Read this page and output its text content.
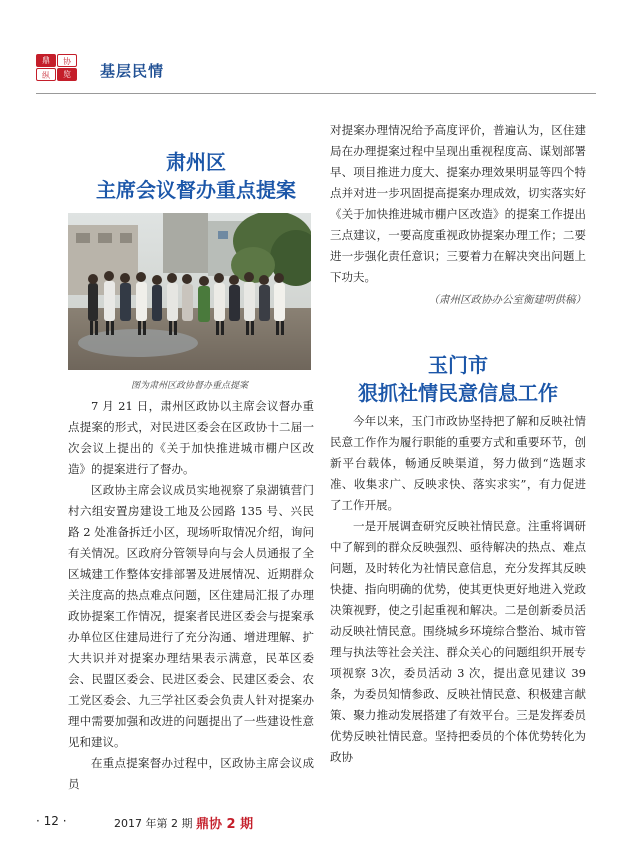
鼎	协
纵	览	基层民情
肃州区
主席会议督办重点提案
图为肃州区政协督办重点提案

7 月 21 日，肃州区政协以主席会议督办重点提案的形式，对民进区委会在区政协十二届一次会议上提出的《关于加快推进城市棚户区改造》的提案进行了督办。

区政协主席会议成员实地视察了泉湖镇营门村六组安置房建设工地及公园路 135 号、兴民路 2 处准备拆迁小区，现场听取情况介绍，询问有关情况。区政府分管领导向与会人员通报了全区城建工作整体安排部署及进展情况、近期群众关注度高的热点难点问题，区住建局汇报了办理政协提案工作情况，提案者民进区委会与提案承办单位区住建局进行了充分沟通、增进理解、扩大共识并对提案办理结果表示满意，民革区委会、民盟区委会、民进区委会、民建区委会、农工党区委会、九三学社区委会负责人针对提案办理中需要加强和改进的问题提出了一些建设性意见和建议。

在重点提案督办过程中，区政协主席会议成员

对提案办理情况给予高度评价，普遍认为，区住建局在办理提案过程中呈现出重视程度高、谋划部署早、项目推进力度大、提案办理效果明显等四个特点并对进一步巩固提高提案办理成效，切实落实好《关于加快推进城市棚户区改造》的提案工作提出三点建议，一要高度重视政协提案办理工作；二要进一步强化责任意识；三要着力在解决突出问题上下功夫。

（肃州区政协办公室衡建明供稿）
玉门市
狠抓社情民意信息工作

今年以来，玉门市政协坚持把了解和反映社情民意工作作为履行职能的重要方式和重要环节，创新平台载体，畅通反映渠道，努力做到“选题求准、收集求广、反映求快、落实求实”，有力促进了工作开展。

一是开展调查研究反映社情民意。注重将调研中了解到的群众反映强烈、亟待解决的热点、难点问题，及时转化为社情民意信息，充分发挥其反映快捷、指向明确的优势，使其更快更好地进入党政决策视野，使之引起重视和解决。二是创新委员活动反映社情民意。围绕城乡环境综合整治、城市管理与执法等社会关注、群众关心的问题组织开展专项视察 3次，委员活动 3 次，提出意见建议 39 条，为委员知情参政、反映社情民意、积极建言献策、聚力推动发展搭建了有效平台。三是发挥委员优势反映社情民意。坚持把委员的个体优势转化为政协

· 12 ·	2017 年第 2 期 鼎协 2 期
